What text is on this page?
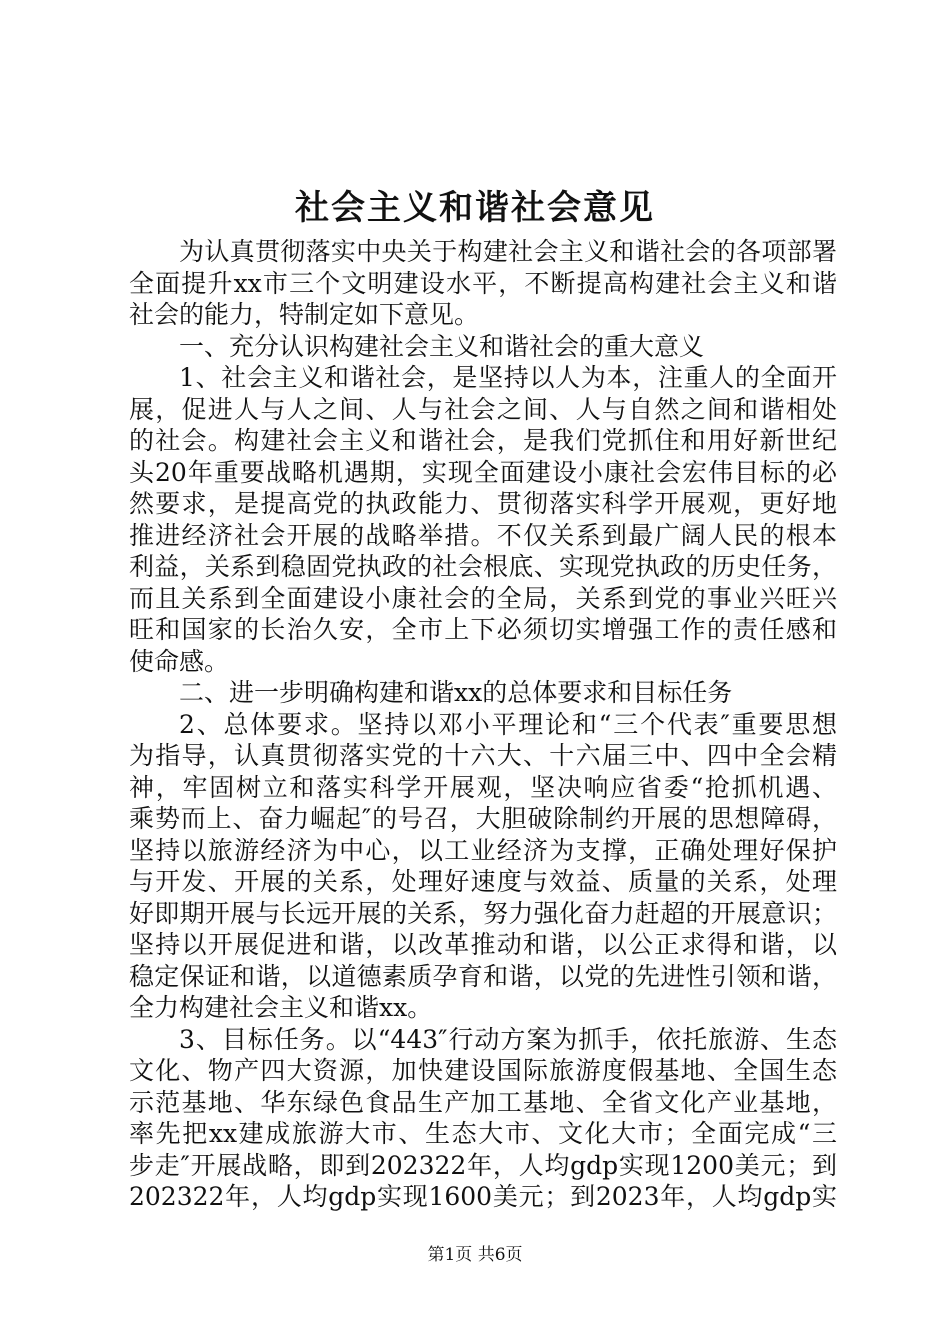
社会主义和谐社会意见
为认真贯彻落实中央关于构建社会主义和谐社会的各项部署
全面提升xx市三个文明建设水平，不断提高构建社会主义和谐
社会的能力，特制定如下意见。
一、充分认识构建社会主义和谐社会的重大意义
1、社会主义和谐社会，是坚持以人为本，注重人的全面开
展，促进人与人之间、人与社会之间、人与自然之间和谐相处
的社会。构建社会主义和谐社会，是我们党抓住和用好新世纪
头20年重要战略机遇期，实现全面建设小康社会宏伟目标的必
然要求，是提高党的执政能力、贯彻落实科学开展观，更好地
推进经济社会开展的战略举措。不仅关系到最广阔人民的根本
利益，关系到稳固党执政的社会根底、实现党执政的历史任务，
而且关系到全面建设小康社会的全局，关系到党的事业兴旺兴
旺和国家的长治久安，全市上下必须切实增强工作的责任感和
使命感。
二、进一步明确构建和谐xx的总体要求和目标任务
2、总体要求。坚持以邓小平理论和“三个代表″重要思想
为指导，认真贯彻落实党的十六大、十六届三中、四中全会精
神，牢固树立和落实科学开展观，坚决响应省委“抢抓机遇、
乘势而上、奋力崛起″的号召，大胆破除制约开展的思想障碍，
坚持以旅游经济为中心，以工业经济为支撑，正确处理好保护
与开发、开展的关系，处理好速度与效益、质量的关系，处理
好即期开展与长远开展的关系，努力强化奋力赶超的开展意识；
坚持以开展促进和谐，以改革推动和谐，以公正求得和谐，以
稳定保证和谐，以道德素质孕育和谐，以党的先进性引领和谐，
全力构建社会主义和谐xx。
3、目标任务。以“443″行动方案为抓手，依托旅游、生态
文化、物产四大资源，加快建设国际旅游度假基地、全国生态
示范基地、华东绿色食品生产加工基地、全省文化产业基地，
率先把xx建成旅游大市、生态大市、文化大市；全面完成“三
步走″开展战略，即到202322年，人均gdp实现1200美元；到
202322年，人均gdp实现1600美元；到2023年，人均gdp实
第1页 共6页
